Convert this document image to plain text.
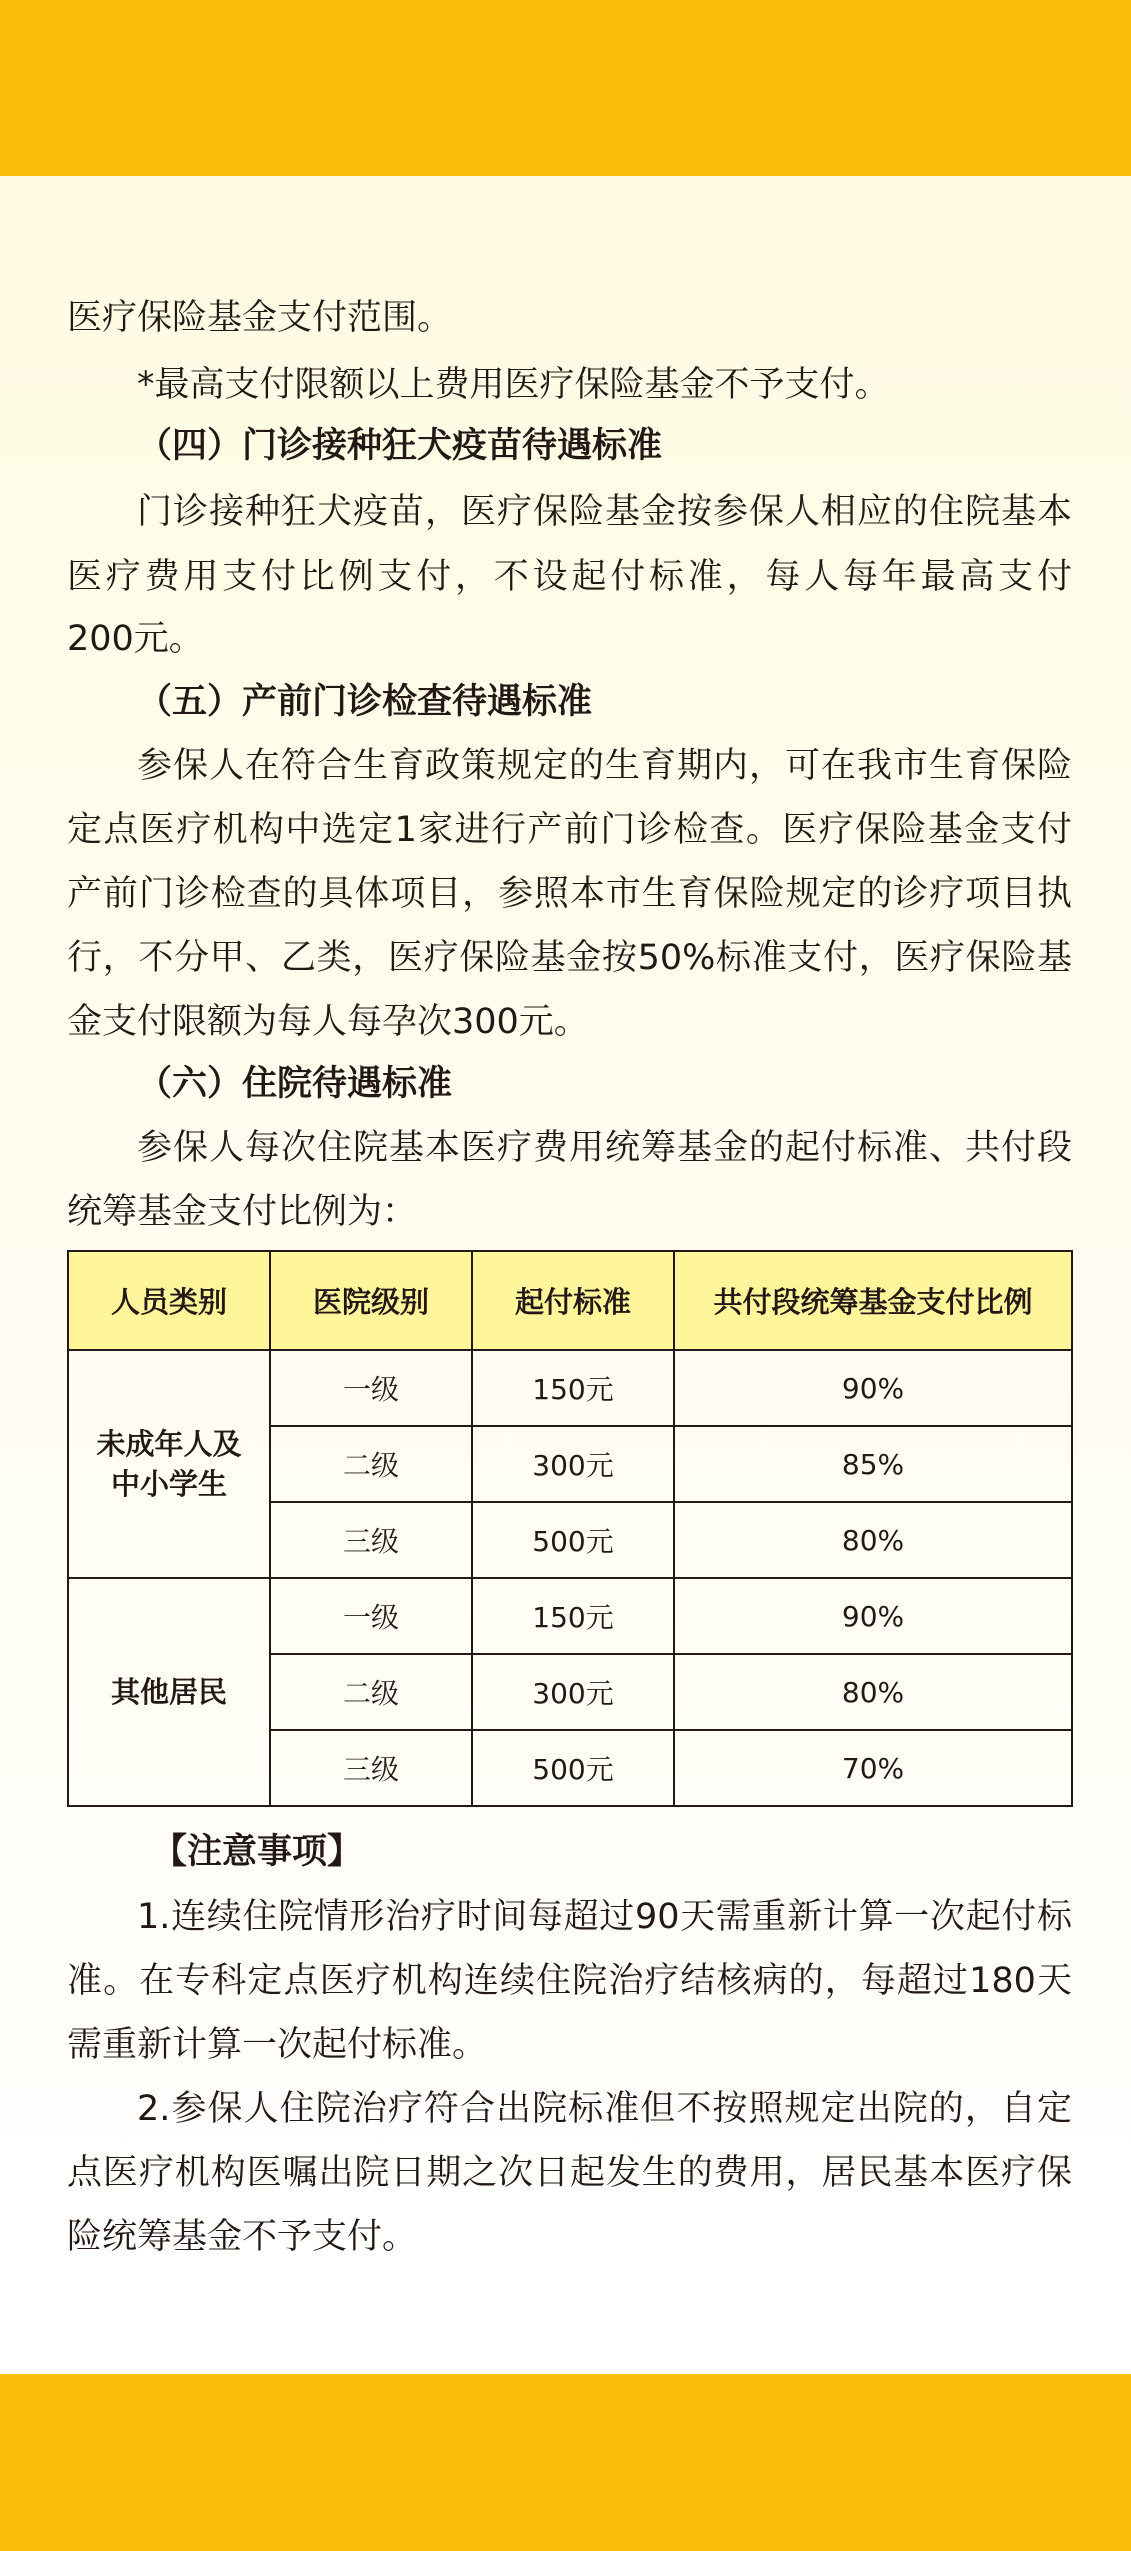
医疗保险基金支付范围。

*最高支付限额以上费用医疗保险基金不予支付。

（四）门诊接种狂犬疫苗待遇标准

门诊接种狂犬疫苗，医疗保险基金按参保人相应的住院基本

医疗费用支付比例支付，不设起付标准，每人每年最高支付

200元。

（五）产前门诊检查待遇标准

参保人在符合生育政策规定的生育期内，可在我市生育保险

定点医疗机构中选定1家进行产前门诊检查。医疗保险基金支付

产前门诊检查的具体项目，参照本市生育保险规定的诊疗项目执

行，不分甲、乙类，医疗保险基金按50%标准支付，医疗保险基

金支付限额为每人每孕次300元。

（六）住院待遇标准

参保人每次住院基本医疗费用统筹基金的起付标准、共付段

统筹基金支付比例为：

人员类别	医院级别	起付标准	共付段统筹基金支付比例
未成年人及
中小学生	一级	150元	90%
	二级	300元	85%
	三级	500元	80%
其他居民	一级	150元	90%
	二级	300元	80%
	三级	500元	70%

【注意事项】

1.连续住院情形治疗时间每超过90天需重新计算一次起付标

准。在专科定点医疗机构连续住院治疗结核病的，每超过180天

需重新计算一次起付标准。

2.参保人住院治疗符合出院标准但不按照规定出院的，自定

点医疗机构医嘱出院日期之次日起发生的费用，居民基本医疗保

险统筹基金不予支付。
